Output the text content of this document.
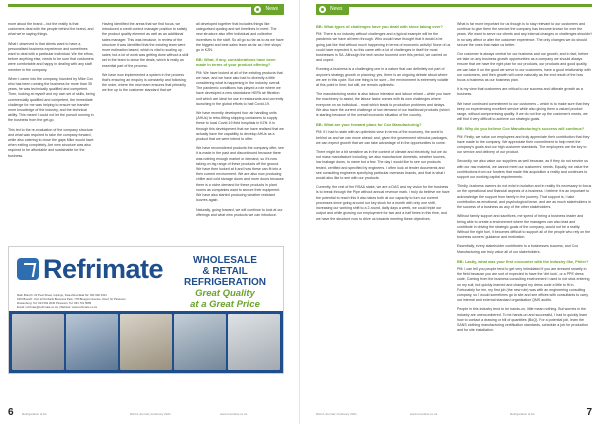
News

more about the brand – but the reality is that customers deal with the people behind the brand, and what we're saying things.

What I observed is that clients want to have a personalised business experience and sometimes want to deal with a particular individual. We the ethos, before anything else, needs to be sure that customers were comfortable and happy in dealing with any staff member in the company.

When I came into the company, founded by Mike Cox who has been running the business for more than 35 years, he was technically qualified and competent. Then, looking at myself and my own set of skills, being commercially qualified and competent, the immediate challenge for me was helping to ensure we transfer more knowledge of the industry, and the technical ability. This meant I could not let the pursuit running in the business from the get-go.

This led to the re-evaluation of the company structure and what was required to take the company forward, while also catering to close the gaps Mike would have when exiting completely. Are new structure was also required to be affordable and sustainable for the business.

Having identified the areas that we find focus, we introduced a credit control manager position to satisfy the product quality element as well as an additional sales manager. This was because, in review of the structure it was identified that the existing team were more estimation based, which is vital to scaling up sales; but a lot of work was getting done without a skill set in the team to close the deals, which is really an essential part of the process.

We have now implemented a system in the process that's ensuring an enquiry is constantly and following the order, where the new team ensures that primarily we live up to the customer standard that we

all developed together that includes things like categorised quoting and set timelines to meet. The new structure also offer individual and collective incentives to the staff. So all go so far as to as we have the biggest and best sales team as far as I feel shops' go in KZN.

BB: What, if any, considerations have been made in terms of your product offering?

PM: We have looked at all of the existing products that we have, and we have also had to diversify a little considering what is happening in the industry overall. The pandemic conditions has played a role where we have developed a new standalone HEPA air filtration unit which are ideal for use in restaurants and currently launching in the global efforts to halt Covid-19.

We have recently developed four air handling units (AHUs) to retro-fitting shipping containers to supply these to local Covid-19 field hospitals in KZN. It is through this development that we have realised that we actually have the capability to develop AHUs as a product that we were intend to offer.

We have reconsidered products the company offer, see it is made in the past and discontinued because there was nothing enough market or demand, so it's now taking on big range of these products off the ground. We have then looked at it and how these can fit into a then current environment. We are also now producing chiller and cold storage doors and more doors because there is a niche demand for these products in plant rooms as companies want to secure their equipment. We have also started producing weather resistant louvres again.

Naturally, going forward, we will continue to look at our offerings and what new products we can introduce.

Refrimate	WHOLESALE
& RETAIL
REFRIGERATION
Great Quality
at a Great Price
Main Branch: 22 Peel Street, Isipingo, Kwa-Zulu-Natal Tel: 031 902 3411
KZN Branch: Unit 12 Dorbank Business Park, 778 Bluegum Avenue, Kloof, Nr Pinetown
Rustenburg: Tel: 014 592 2040 Pinetown: Tel: 031 701 5085
Email: refrimate@refrimate.co.za | Website: www.refrimate.co.za
6	Refrigeration & AC	RACA Journal | February 2021	www.reconline.co.za
News
BB: What types of challenges have you dealt with since taking over?

PM: There is no industry without challenges and a typical example will be the pandemic we have all been through. Who would have thought that it would a be going just like that without much happening in terms of economic activity! None of us could have expected it, so this came with a lot of challenges in itself for most businesses in SA. Although the tech sector boomed over this period, we carried on and coped.

Running a business is a challenging one in a nature that can definitely not part of anyone's strategy growth or planning; yes, there is an ongoing debate about where we are in this cycle. But one thing is for sure – the environment is extremely volatile at this point in time; but still, we remain optimistic.

The manufacturing sector is also labour intensive and labour reliant – while you have the machinery to assist, the labour factor comes with its own challenges where everyone on an individual... most which leads to production problems and delays. We also have the current challenge of low demand of our traditional products (which is starting because of the overall economic situation of the country.

BB: What are your forward plans for Cox Manufacturing?

PM: If I had to state with an optimistic view in terms of the economy, the world is behind us and we can move ahead; and, given the government stimulus packages, we can expect growth that we can take advantage of in the opportunities to come.

There might be a bit sensitive as in the context of climate and electricity, but we do not mass manufacture including, we also manufacture domestic, weather louvres, low leakage doors, to name but a few. The day I would like to see our products tested, certified and specified by engineers. I often look at tender documents and see consulting engineers specifying particular overseas brands, and that is what I would also like to see with our products.

Currently, the rest of the RSA& stake, we are a DAS and my vision for the business is to break through the Pipe without annual revenue mark. I truly do believe we have the potential to reach this it also takes both at our capacity to turn our current processes since going around our key stock for a month with only one shift, increasing our working shift to a 2-round, daily days a week, we could triple our output and while growing our employment for two and a half times in this time, and we have the structure now to drive us towards meeting these objectives.

What is far more important for us though is to stay relevant to our customers and continue to give them the service the company has become known for over the years. We want to serve our clients and any internal changes or challenges shouldn't in no way affect or alter the customer experience. The only changes we do should secure the ones that make us better.

Our customer is always central for our business and our growth, and in fact, before we take on any business growth opportunities as a company we should always ensure that we have the right plan for our products, our products and good quality, we can take it on the good we serve to our customers, have a good relationship with our customers, and then growth will come naturally as the end result of the how focus a business as our business plan.

It is my view that customers are critical to our success and ultimate growth as a business.

We have continued commitment to our customers – which is to make sure that they keep on experiencing excellent service while also giving them a valued product range, without compromising quality. If we do not live up the customer's needs, we will find it very difficult to achieve our strategic goals.

BB: Why do you believe Cox Manufacturing's success will continue?

PM: Firstly, we value our employees and truly appreciate their contribution that they have made to the company. We appreciate their commitment to help meet the company's goals and our high customer standards. The employees are the key to our service and delivery of our product.

Secondly, we also value our suppliers as well because, as if they do not service us with our raw material, we cannot meet our customers' needs. Equally, we value the contributions from our funders that made this acquisition a reality and continues to support our working capital requirements.

Thirdly, business owners do not exist in isolation and in reality it's necessary to focus on the operational and financial aspects of a business. I believe it is an important to acknowledge the support from family in the journey. That support is, I take contribution as emotional, and psychological lense, and are as much stakeholders in the success of a business as any of the other stakeholders.

Without family support and sacrifices, me spend of being a business leader and being able to create a environment where the managers can also lead and contribute in driving the strategic goals of the company, would not be a reality. Without the right fuel, it becomes difficult to support all of the people who rely on the business owners' guidance and motivation.

Essentially, every stakeholder contributes to a businesses success, and Cox Manufacturing are truly value all of our stakeholders.

BB: Lastly, what was your first encounter with the industry like, Philer?

PM: I can tell you people tend to get very intimidated if you are dressed smartly in the field because you are sort of expected to have the 'dirt look', or a PPE dress code. Coming from the business consulting environment I used to not stick entering on my suit, but quickly learned and changed my dress code a little to fit in. Fortunately for me, my first job (the new role) was with an engineering consulting company, so I would sometimes go to site and see offices with consultants to carry out internal and external standard organisation QMS audits.

People in this industry tend to be hands-on, little mean nothing. But worries in the industry are unencumbered. To be hands-on and successful, I had to quickly learn how to contact a drawing or bill of quantities (BoQ). For a potential job, learn the SANS clothing manufacturing certification standards, schedule a job for production and for site installation.

RACA Journal | February 2021	www.reconline.co.za	Refrigeration & AC	7
